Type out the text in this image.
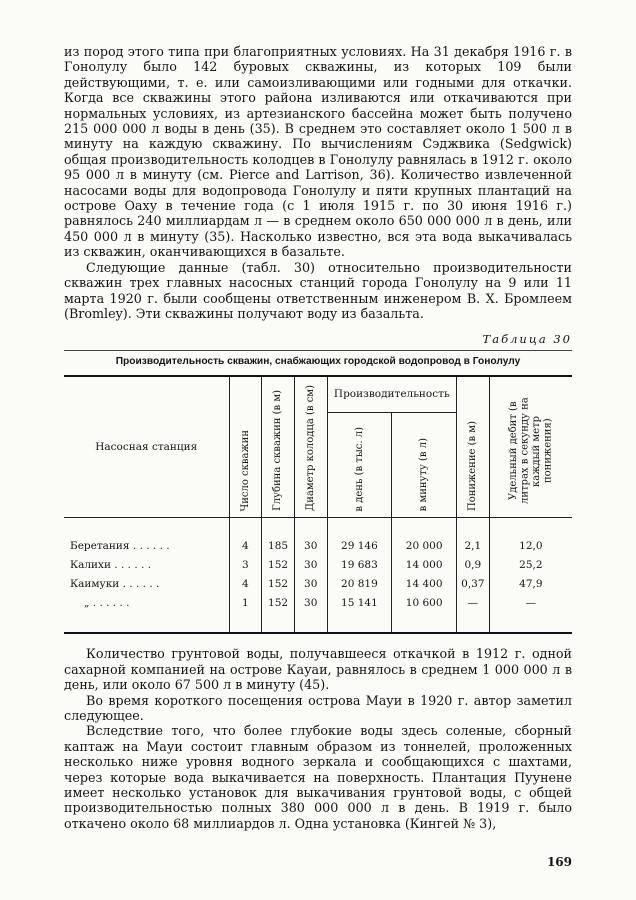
из пород этого типа при благоприятных условиях. На 31 декабря 1916 г. в Гонолулу было 142 буровых скважины, из которых 109 были действующими, т. е. или самоизливающими или годными для откачки. Когда все скважины этого района изливаются или откачиваются при нормальных условиях, из артезианского бассейна может быть получено 215 000 000 л воды в день (35). В среднем это составляет около 1 500 л в минуту на каждую скважину. По вычислениям Сэджвика (Sedgwick) общая производительность колодцев в Гонолулу равнялась в 1912 г. около 95 000 л в минуту (см. Pierce and Larrison, 36). Количество извлеченной насосами воды для водопровода Гонолулу и пяти крупных плантаций на острове Оаху в течение года (с 1 июля 1915 г. по 30 июня 1916 г.) равнялось 240 миллиардам л — в среднем около 650 000 000 л в день, или 450 000 л в минуту (35). Насколько известно, вся эта вода выкачивалась из скважин, оканчивающихся в базальте.

Следующие данные (табл. 30) относительно производительности скважин трех главных насосных станций города Гонолулу на 9 или 11 марта 1920 г. были сообщены ответственным инженером В. Х. Бромлеем (Bromley). Эти скважины получают воду из базальта.

Таблица 30
Производительность скважин, снабжающих городской водопровод в Гонолулу
Насосная станция	Число скважин	Глубина скважин (в м)	Диаметр колодца (в см)	Производительность		Понижение (в м)	Удельный дебит (в литрах в секунду на каждый метр понижения)

				в день (в тыс. л)	в минуту (в л)		

Беретания . . . . . .	4	185	30	29 146	20 000	2,1	12,0
Калихи . . . . . .	3	152	30	19 683	14 000	0,9	25,2
Каимуки . . . . . .	4	152	30	20 819	14 400	0,37	47,9
„ . . . . . .	1	152	30	15 141	10 600	—	—

Количество грунтовой воды, получавшееся откачкой в 1912 г. одной сахарной компанией на острове Кауаи, равнялось в среднем 1 000 000 л в день, или около 67 500 л в минуту (45).

Во время короткого посещения острова Мауи в 1920 г. автор заметил следующее.

Вследствие того, что более глубокие воды здесь соленые, сборный каптаж на Мауи состоит главным образом из тоннелей, проложенных несколько ниже уровня водного зеркала и сообщающихся с шахтами, через которые вода выкачивается на поверхность. Плантация Пуунене имеет несколько установок для выкачивания грунтовой воды, с общей производительностью полных 380 000 000 л в день. В 1919 г. было откачено около 68 миллиардов л. Одна установка (Кингей № 3),

169
